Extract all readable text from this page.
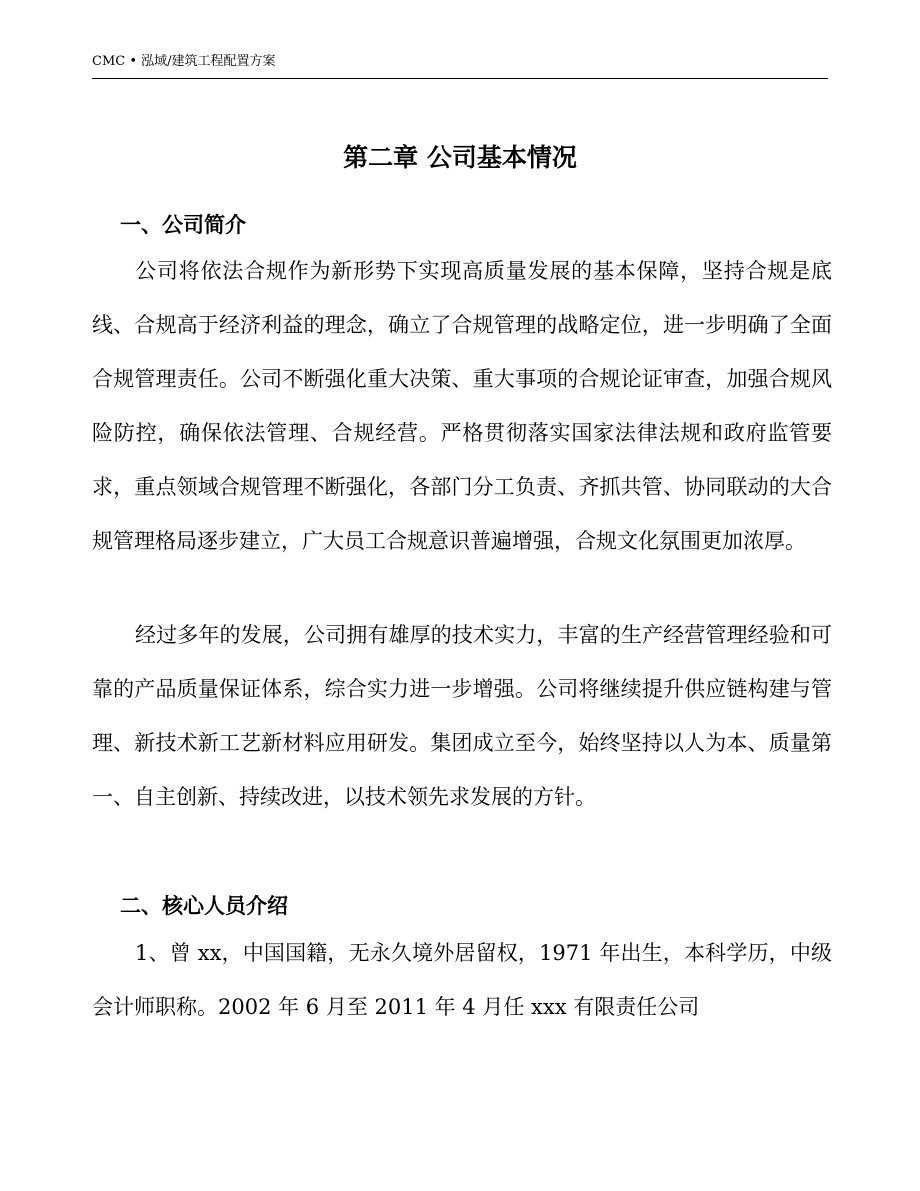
CMC • 泓域/建筑工程配置方案
第二章 公司基本情况
一、公司简介

公司将依法合规作为新形势下实现高质量发展的基本保障，坚持合规是底线、合规高于经济利益的理念，确立了合规管理的战略定位，进一步明确了全面合规管理责任。公司不断强化重大决策、重大事项的合规论证审查，加强合规风险防控，确保依法管理、合规经营。严格贯彻落实国家法律法规和政府监管要求，重点领域合规管理不断强化，各部门分工负责、齐抓共管、协同联动的大合规管理格局逐步建立，广大员工合规意识普遍增强，合规文化氛围更加浓厚。

经过多年的发展，公司拥有雄厚的技术实力，丰富的生产经营管理经验和可靠的产品质量保证体系，综合实力进一步增强。公司将继续提升供应链构建与管理、新技术新工艺新材料应用研发。集团成立至今，始终坚持以人为本、质量第一、自主创新、持续改进，以技术领先求发展的方针。

二、核心人员介绍

1、曾 xx，中国国籍，无永久境外居留权，1971 年出生，本科学历，中级会计师职称。2002 年 6 月至 2011 年 4 月任 xxx 有限责任公司
